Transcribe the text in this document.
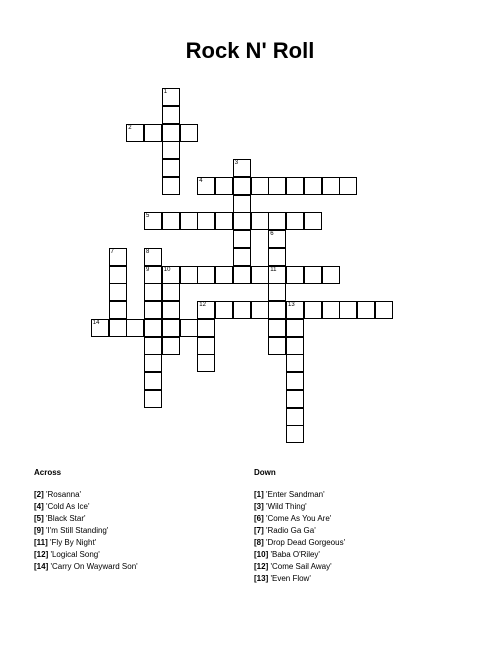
Rock N' Roll
1
2
3
4
5
6
11
7	8
9 10
12	13
14
Across
[2] 'Rosanna'
[4] 'Cold As Ice'
[5] 'Black Star'
[9] 'I'm Still Standing'
[11] 'Fly By Night'
[12] 'Logical Song'
[14] 'Carry On Wayward Son'
Down
[1] 'Enter Sandman'
[3] 'Wild Thing'
[6] 'Come As You Are'
[7] 'Radio Ga Ga'
[8] 'Drop Dead Gorgeous'
[10] 'Baba O'Riley'
[12] 'Come Sail Away'
[13] 'Even Flow'
